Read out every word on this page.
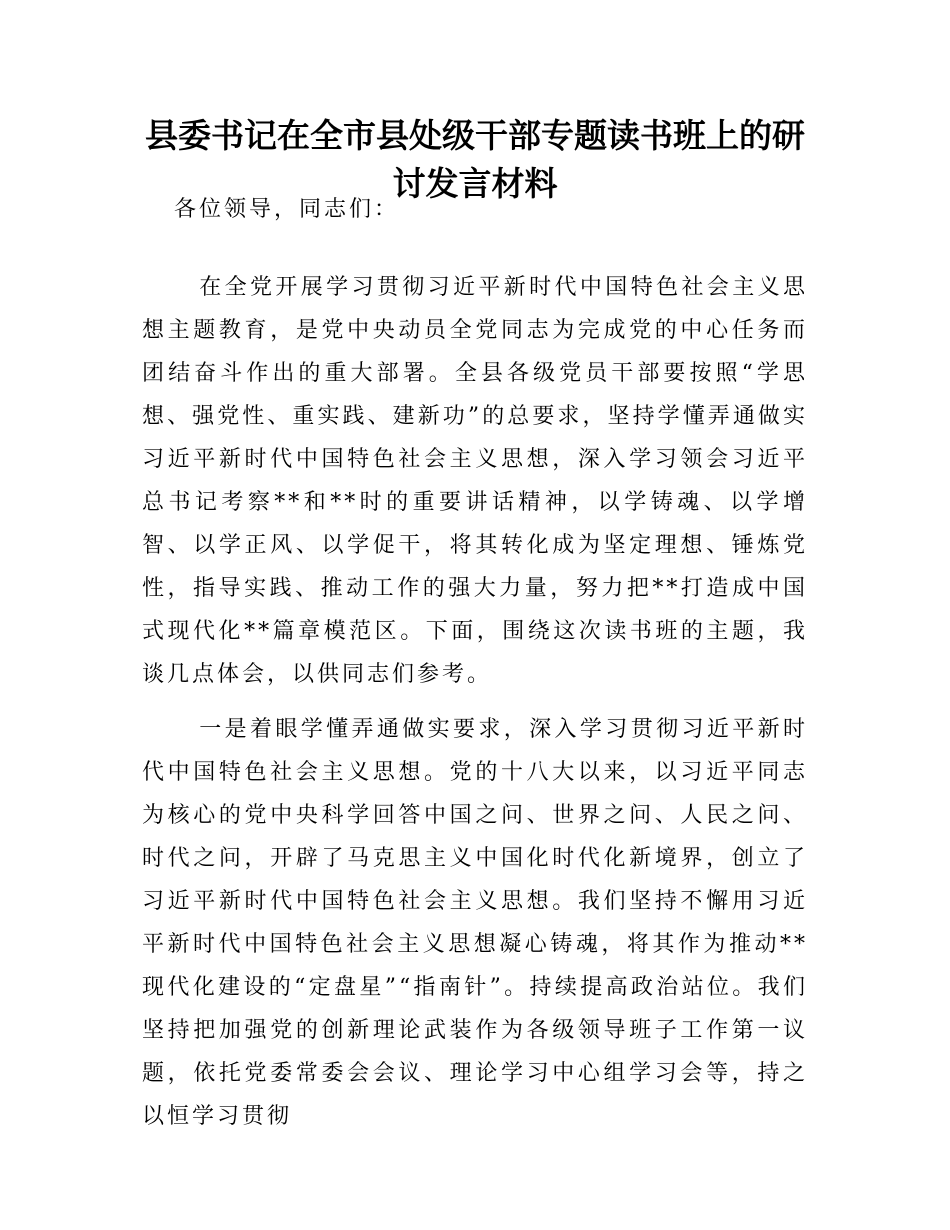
县委书记在全市县处级干部专题读书班上的研讨发言材料

各位领导，同志们：

在全党开展学习贯彻习近平新时代中国特色社会主义思想主题教育，是党中央动员全党同志为完成党的中心任务而团结奋斗作出的重大部署。全县各级党员干部要按照“学思想、强党性、重实践、建新功”的总要求，坚持学懂弄通做实习近平新时代中国特色社会主义思想，深入学习领会习近平总书记考察**和**时的重要讲话精神，以学铸魂、以学增智、以学正风、以学促干，将其转化成为坚定理想、锤炼党性，指导实践、推动工作的强大力量，努力把**打造成中国式现代化**篇章模范区。下面，围绕这次读书班的主题，我谈几点体会，以供同志们参考。

一是着眼学懂弄通做实要求，深入学习贯彻习近平新时代中国特色社会主义思想。党的十八大以来，以习近平同志为核心的党中央科学回答中国之问、世界之问、人民之问、时代之问，开辟了马克思主义中国化时代化新境界，创立了习近平新时代中国特色社会主义思想。我们坚持不懈用习近平新时代中国特色社会主义思想凝心铸魂，将其作为推动**现代化建设的“定盘星”“指南针”。持续提高政治站位。我们坚持把加强党的创新理论武装作为各级领导班子工作第一议题，依托党委常委会会议、理论学习中心组学习会等，持之以恒学习贯彻
